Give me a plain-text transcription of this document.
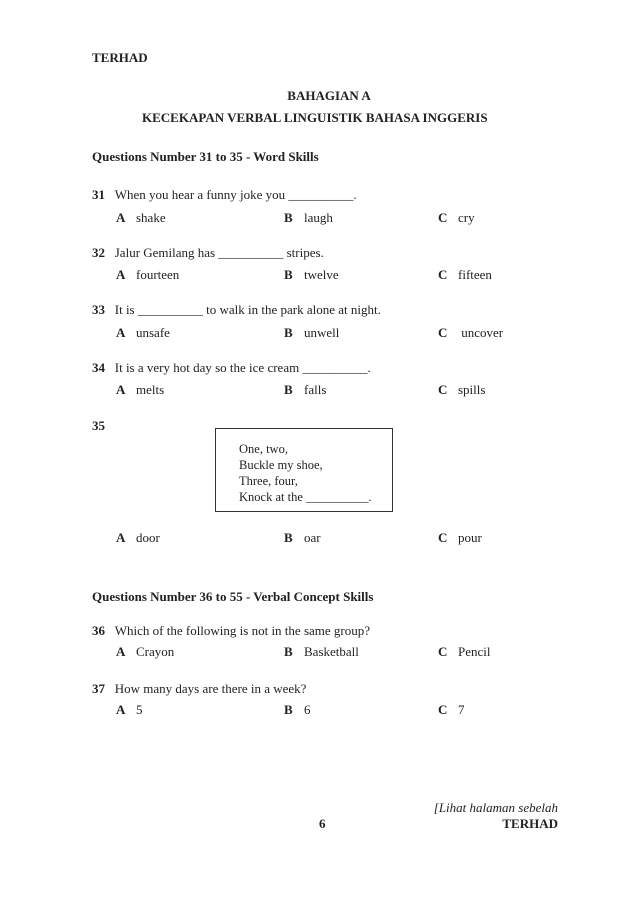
TERHAD
BAHAGIAN A
KECEKAPAN VERBAL LINGUISTIK BAHASA INGGERIS
Questions Number 31 to 35 - Word Skills
31 When you hear a funny joke you __________.
A shake	B laugh	C cry
32 Jalur Gemilang has __________ stripes.
A fourteen	B twelve	C fifteen
33 It is __________ to walk in the park alone at night.
A unsafe	B unwell	C uncover
34 It is a very hot day so the ice cream __________.
A melts	B falls	C spills
35
One, two,
Buckle my shoe,
Three, four,
Knock at the __________.
A door	B oar	C pour
Questions Number 36 to 55 - Verbal Concept Skills
36 Which of the following is not in the same group?
A Crayon	B Basketball	C Pencil
37 How many days are there in a week?
A 5	B 6	C 7
[Lihat halaman sebelah
6	TERHAD
